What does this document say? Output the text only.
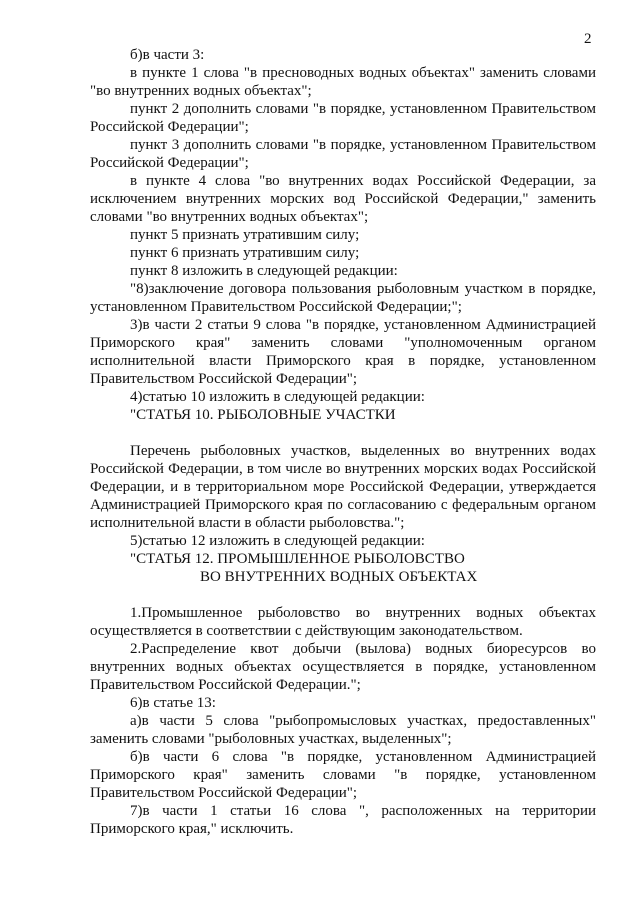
2

б)в части 3:

в пункте 1 слова "в пресноводных водных объектах" заменить словами "во внутренних водных объектах";

пункт 2 дополнить словами "в порядке, установленном Правительством Российской Федерации";

пункт 3 дополнить словами "в порядке, установленном Правительством Российской Федерации";

в пункте 4 слова "во внутренних водах Российской Федерации, за исключением внутренних морских вод Российской Федерации," заменить словами "во внутренних водных объектах";

пункт 5 признать утратившим силу;

пункт 6 признать утратившим силу;

пункт 8 изложить в следующей редакции:

"8)заключение договора пользования рыболовным участком в порядке, установленном Правительством Российской Федерации;";

3)в части 2 статьи 9 слова "в порядке, установленном Администрацией Приморского края" заменить словами "уполномоченным органом исполнительной власти Приморского края в порядке, установленном Правительством Российской Федерации";

4)статью 10 изложить в следующей редакции:

"СТАТЬЯ 10. РЫБОЛОВНЫЕ УЧАСТКИ

Перечень рыболовных участков, выделенных во внутренних водах Российской Федерации, в том числе во внутренних морских водах Российской Федерации, и в территориальном море Российской Федерации, утверждается Администрацией Приморского края по согласованию с федеральным органом исполнительной власти в области рыболовства.";

5)статью 12 изложить в следующей редакции:

"СТАТЬЯ 12. ПРОМЫШЛЕННОЕ РЫБОЛОВСТВО

ВО ВНУТРЕННИХ ВОДНЫХ ОБЪЕКТАХ

1.Промышленное рыболовство во внутренних водных объектах осуществляется в соответствии с действующим законодательством.

2.Распределение квот добычи (вылова) водных биоресурсов во внутренних водных объектах осуществляется в порядке, установленном Правительством Российской Федерации.";

6)в статье 13:

а)в части 5 слова "рыбопромысловых участках, предоставленных" заменить словами "рыболовных участках, выделенных";

б)в части 6 слова "в порядке, установленном Администрацией Приморского края" заменить словами "в порядке, установленном Правительством Российской Федерации";

7)в части 1 статьи 16 слова ", расположенных на территории Приморского края," исключить.
